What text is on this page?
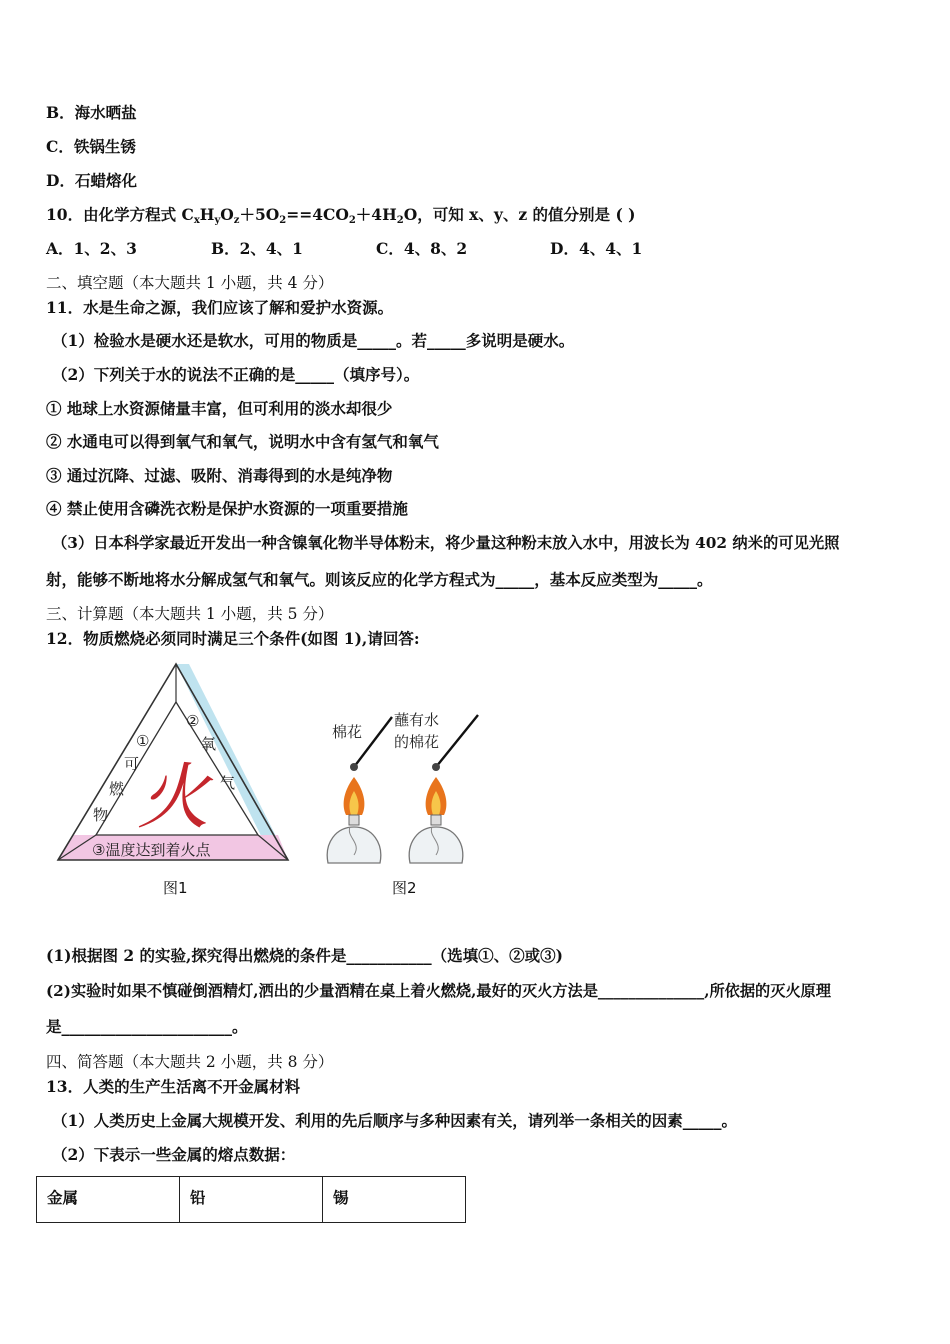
B．海水晒盐
C．铁锅生锈
D．石蜡熔化
10．由化学方程式 $C_xH_yO_z+5O_2==4CO_2+4H_2O$，可知 x、y、z 的值分别是 ( )
A．1、2、3	B．2、4、1	C．4、8、2	D．4、4、1
二、填空题（本大题共 1 小题，共 4 分）
11．水是生命之源，我们应该了解和爱护水资源。
（1）检验水是硬水还是软水，可用的物质是_____。若_____多说明是硬水。
（2）下列关于水的说法不正确的是_____（填序号）。
① 地球上水资源储量丰富，但可利用的淡水却很少
② 水通电可以得到氧气和氧气，说明水中含有氢气和氧气
③ 通过沉降、过滤、吸附、消毒得到的水是纯净物
④ 禁止使用含磷洗衣粉是保护水资源的一项重要措施
（3）日本科学家最近开发出一种含镍氧化物半导体粉末，将少量这种粉末放入水中，用波长为 402 纳米的可见光照
射，能够不断地将水分解成氢气和氧气。则该反应的化学方程式为_____，基本反应类型为_____。
三、计算题（本大题共 1 小题，共 5 分）
12．物质燃烧必须同时满足三个条件(如图 1),请回答:
①
②
可
燃
物
氧
气
火
③温度达到着火点
图1
棉花
蘸有水
的棉花
图2
(1)根据图 2 的实验,探究得出燃烧的条件是___________（选填①、②或③)
(2)实验时如果不慎碰倒酒精灯,洒出的少量酒精在桌上着火燃烧,最好的灭火方法是______________,所依据的灭火原理
是______________________。
四、简答题（本大题共 2 小题，共 8 分）
13．人类的生产生活离不开金属材料
（1）人类历史上金属大规模开发、利用的先后顺序与多种因素有关，请列举一条相关的因素_____。
（2）下表示一些金属的熔点数据：
金属	铅	锡
